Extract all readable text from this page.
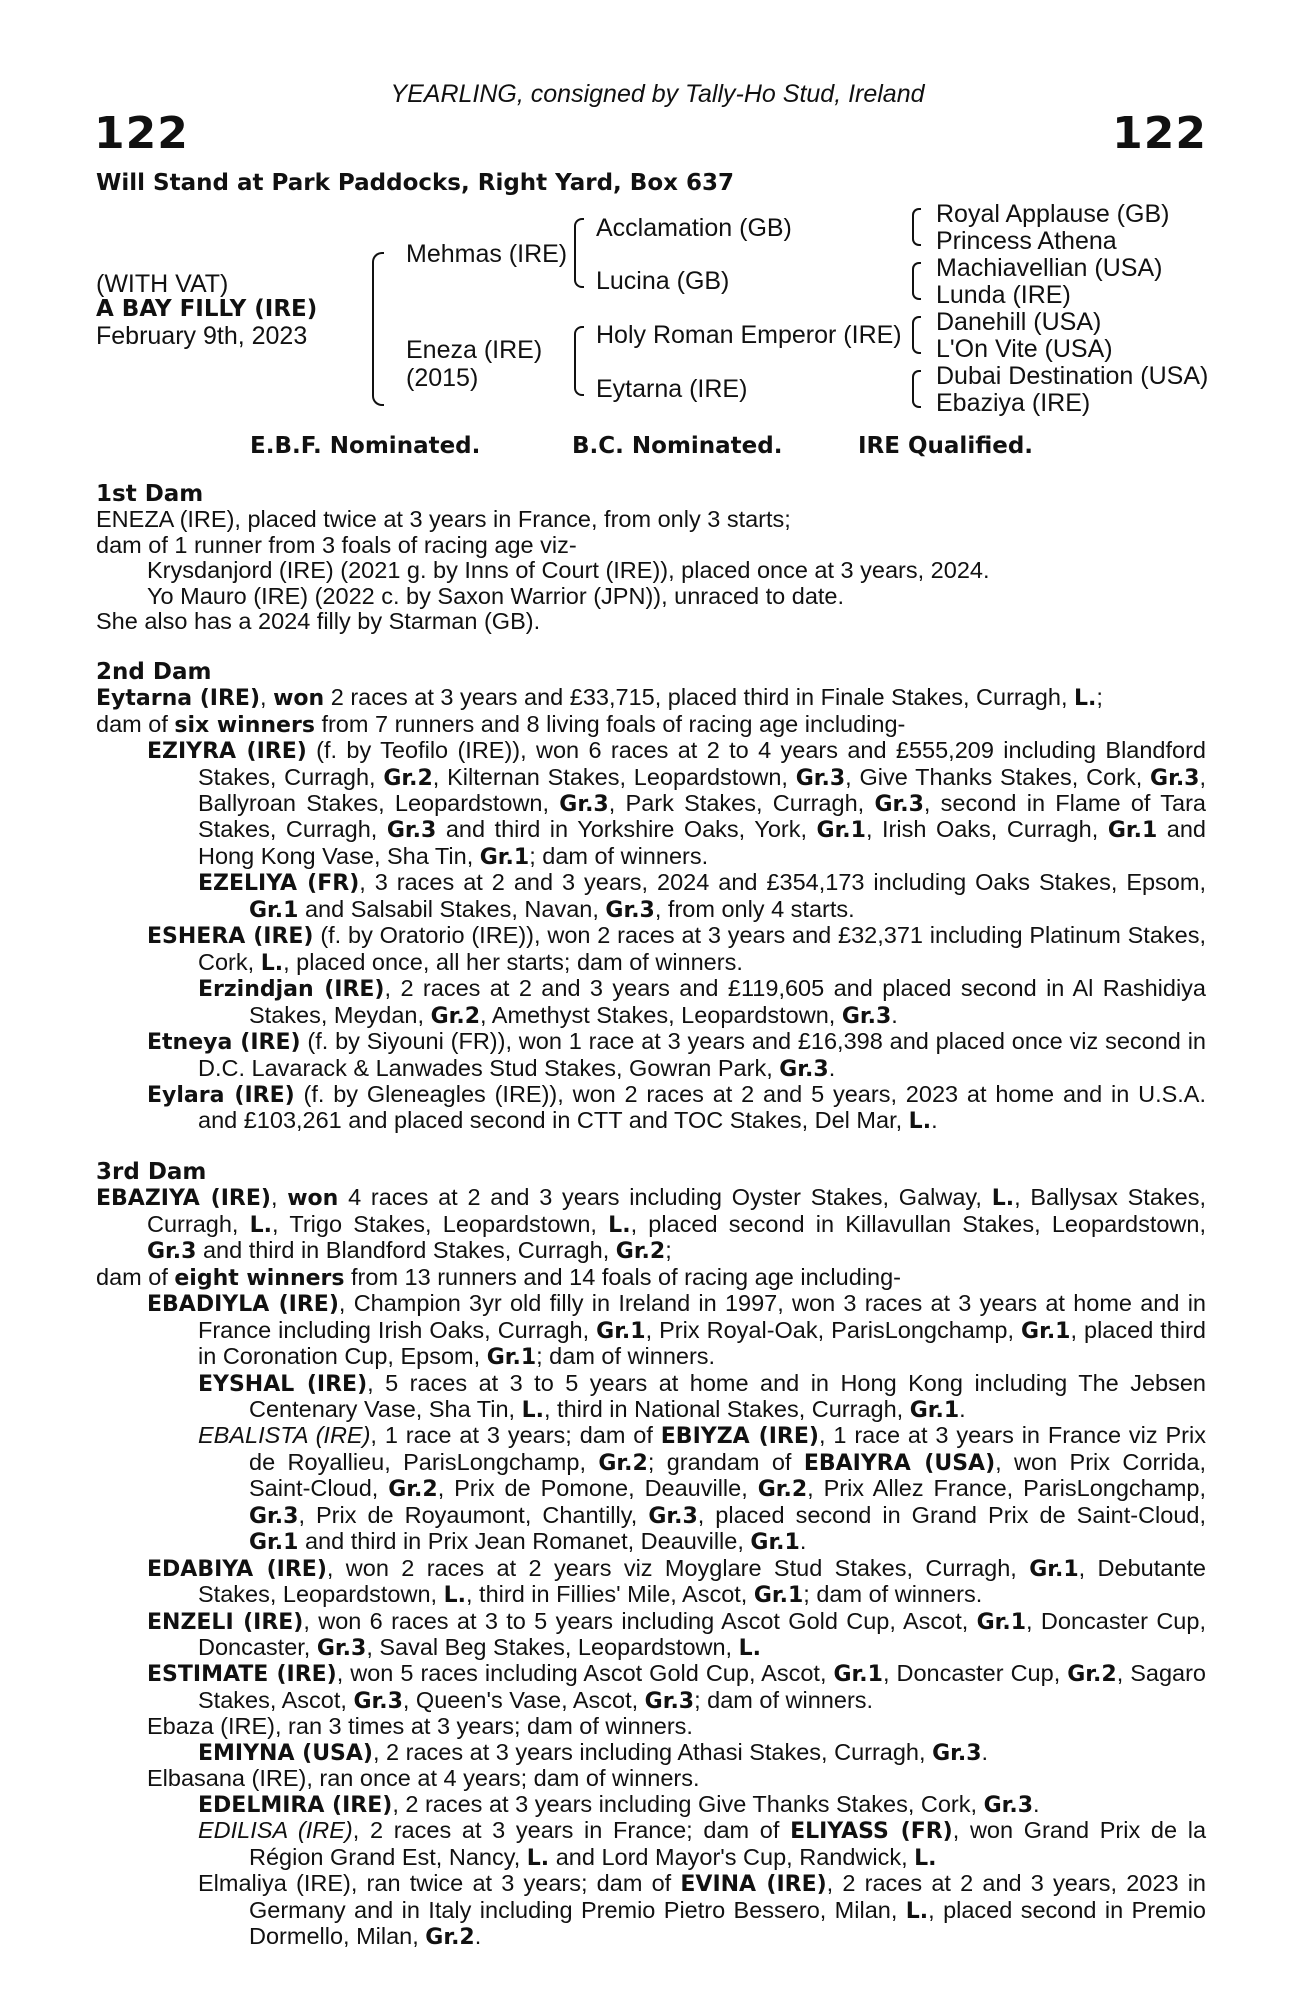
122	122
YEARLING, consigned by Tally-Ho Stud, Ireland
Will Stand at Park Paddocks, Right Yard, Box 637
(WITH VAT)
A BAY FILLY (IRE)
February 9th, 2023
Mehmas (IRE)
Eneza (IRE)
(2015)
Acclamation (GB)
Lucina (GB)
Holy Roman Emperor (IRE)
Eytarna (IRE)
Royal Applause (GB)
Princess Athena
Machiavellian (USA)
Lunda (IRE)
Danehill (USA)
L'On Vite (USA)
Dubai Destination (USA)
Ebaziya (IRE)
E.B.F. Nominated.	B.C. Nominated.	IRE Qualified.
1st Dam
ENEZA (IRE), placed twice at 3 years in France, from only 3 starts;
dam of 1 runner from 3 foals of racing age viz-
Krysdanjord (IRE) (2021 g. by Inns of Court (IRE)), placed once at 3 years, 2024.
Yo Mauro (IRE) (2022 c. by Saxon Warrior (JPN)), unraced to date.
She also has a 2024 filly by Starman (GB).
2nd Dam
Eytarna (IRE), won 2 races at 3 years and £33,715, placed third in Finale Stakes, Curragh, L.;
dam of six winners from 7 runners and 8 living foals of racing age including-
EZIYRA (IRE) (f. by Teofilo (IRE)), won 6 races at 2 to 4 years and £555,209 including Blandford Stakes, Curragh, Gr.2, Kilternan Stakes, Leopardstown, Gr.3, Give Thanks Stakes, Cork, Gr.3, Ballyroan Stakes, Leopardstown, Gr.3, Park Stakes, Curragh, Gr.3, second in Flame of Tara Stakes, Curragh, Gr.3 and third in Yorkshire Oaks, York, Gr.1, Irish Oaks, Curragh, Gr.1 and Hong Kong Vase, Sha Tin, Gr.1; dam of winners.
EZELIYA (FR), 3 races at 2 and 3 years, 2024 and £354,173 including Oaks Stakes, Epsom, Gr.1 and Salsabil Stakes, Navan, Gr.3, from only 4 starts.
ESHERA (IRE) (f. by Oratorio (IRE)), won 2 races at 3 years and £32,371 including Platinum Stakes, Cork, L., placed once, all her starts; dam of winners.
Erzindjan (IRE), 2 races at 2 and 3 years and £119,605 and placed second in Al Rashidiya Stakes, Meydan, Gr.2, Amethyst Stakes, Leopardstown, Gr.3.
Etneya (IRE) (f. by Siyouni (FR)), won 1 race at 3 years and £16,398 and placed once viz second in D.C. Lavarack & Lanwades Stud Stakes, Gowran Park, Gr.3.
Eylara (IRE) (f. by Gleneagles (IRE)), won 2 races at 2 and 5 years, 2023 at home and in U.S.A. and £103,261 and placed second in CTT and TOC Stakes, Del Mar, L..
3rd Dam
EBAZIYA (IRE), won 4 races at 2 and 3 years including Oyster Stakes, Galway, L., Ballysax Stakes, Curragh, L., Trigo Stakes, Leopardstown, L., placed second in Killavullan Stakes, Leopardstown, Gr.3 and third in Blandford Stakes, Curragh, Gr.2;
dam of eight winners from 13 runners and 14 foals of racing age including-
EBADIYLA (IRE), Champion 3yr old filly in Ireland in 1997, won 3 races at 3 years at home and in France including Irish Oaks, Curragh, Gr.1, Prix Royal-Oak, ParisLongchamp, Gr.1, placed third in Coronation Cup, Epsom, Gr.1; dam of winners.
EYSHAL (IRE), 5 races at 3 to 5 years at home and in Hong Kong including The Jebsen Centenary Vase, Sha Tin, L., third in National Stakes, Curragh, Gr.1.
EBALISTA (IRE), 1 race at 3 years; dam of EBIYZA (IRE), 1 race at 3 years in France viz Prix de Royallieu, ParisLongchamp, Gr.2; grandam of EBAIYRA (USA), won Prix Corrida, Saint-Cloud, Gr.2, Prix de Pomone, Deauville, Gr.2, Prix Allez France, ParisLongchamp, Gr.3, Prix de Royaumont, Chantilly, Gr.3, placed second in Grand Prix de Saint-Cloud, Gr.1 and third in Prix Jean Romanet, Deauville, Gr.1.
EDABIYA (IRE), won 2 races at 2 years viz Moyglare Stud Stakes, Curragh, Gr.1, Debutante Stakes, Leopardstown, L., third in Fillies' Mile, Ascot, Gr.1; dam of winners.
ENZELI (IRE), won 6 races at 3 to 5 years including Ascot Gold Cup, Ascot, Gr.1, Doncaster Cup, Doncaster, Gr.3, Saval Beg Stakes, Leopardstown, L.
ESTIMATE (IRE), won 5 races including Ascot Gold Cup, Ascot, Gr.1, Doncaster Cup, Gr.2, Sagaro Stakes, Ascot, Gr.3, Queen's Vase, Ascot, Gr.3; dam of winners.
Ebaza (IRE), ran 3 times at 3 years; dam of winners.
EMIYNA (USA), 2 races at 3 years including Athasi Stakes, Curragh, Gr.3.
Elbasana (IRE), ran once at 4 years; dam of winners.
EDELMIRA (IRE), 2 races at 3 years including Give Thanks Stakes, Cork, Gr.3.
EDILISA (IRE), 2 races at 3 years in France; dam of ELIYASS (FR), won Grand Prix de la Région Grand Est, Nancy, L. and Lord Mayor's Cup, Randwick, L.
Elmaliya (IRE), ran twice at 3 years; dam of EVINA (IRE), 2 races at 2 and 3 years, 2023 in Germany and in Italy including Premio Pietro Bessero, Milan, L., placed second in Premio Dormello, Milan, Gr.2.
